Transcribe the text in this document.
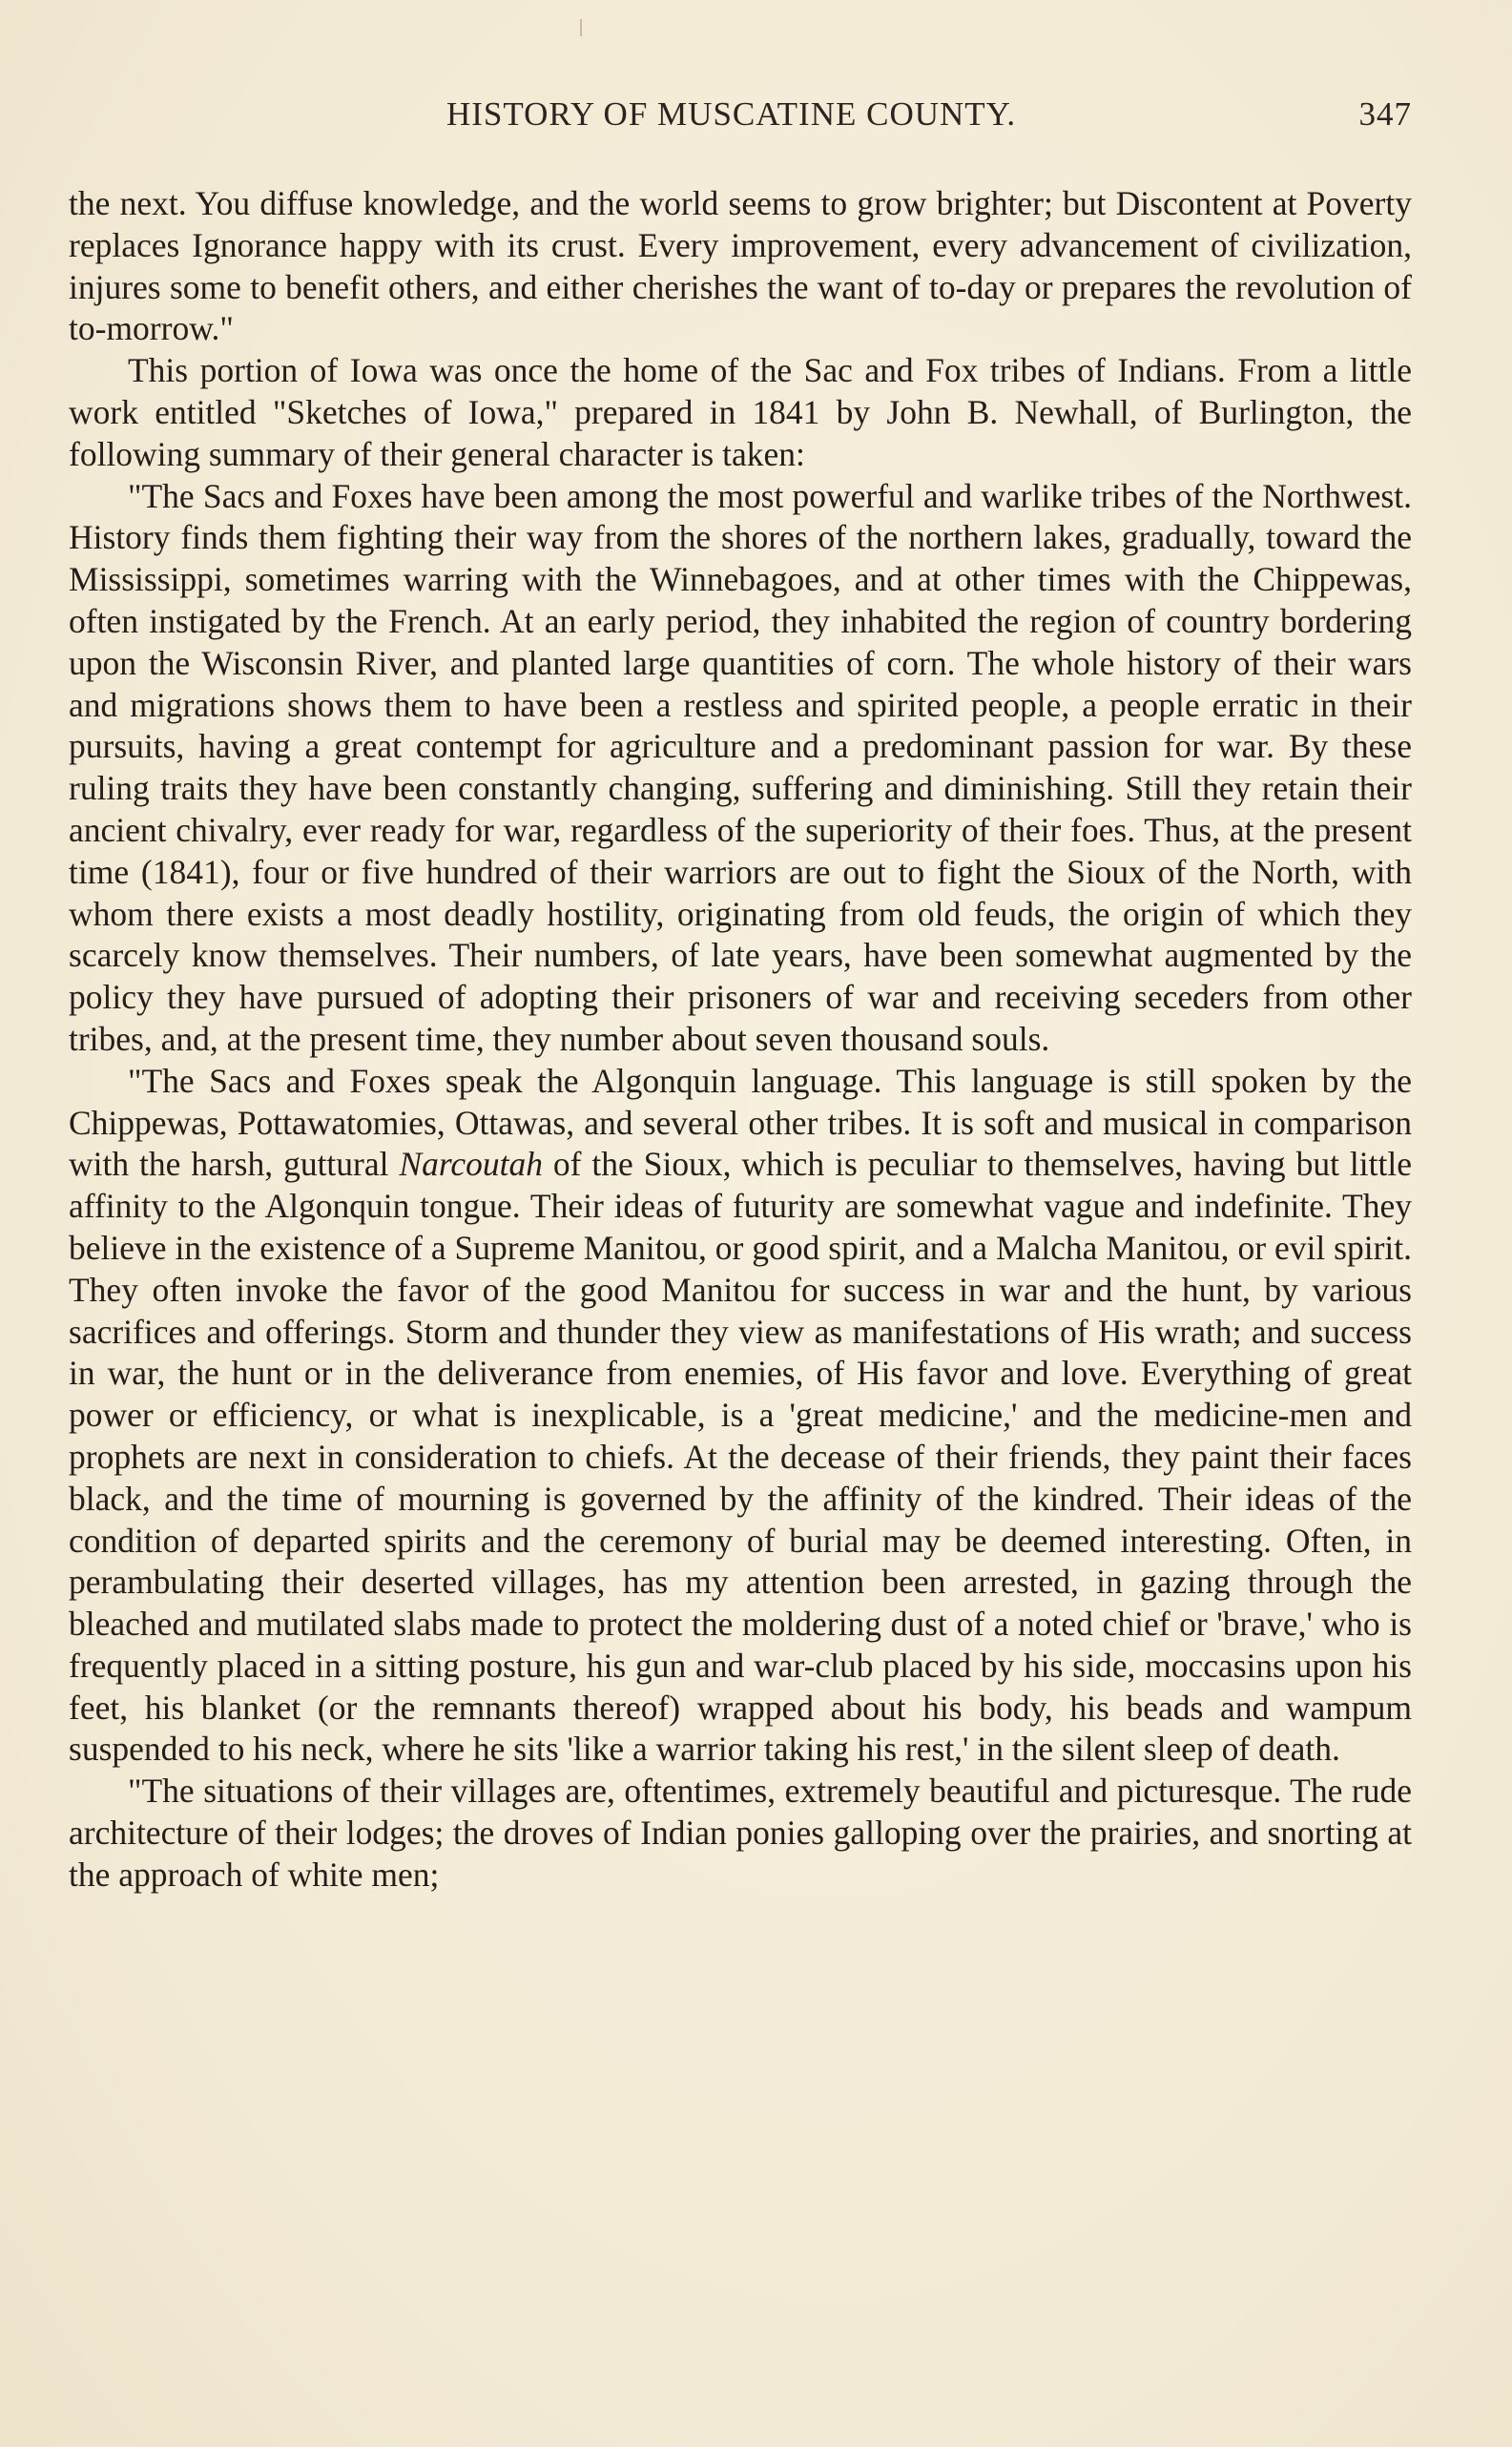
HISTORY OF MUSCATINE COUNTY.	347

the next. You diffuse knowledge, and the world seems to grow brighter; but Discontent at Poverty replaces Ignorance happy with its crust. Every improvement, every advancement of civilization, injures some to benefit others, and either cherishes the want of to-day or prepares the revolution of to-morrow."

This portion of Iowa was once the home of the Sac and Fox tribes of Indians. From a little work entitled "Sketches of Iowa," prepared in 1841 by John B. Newhall, of Burlington, the following summary of their general character is taken:

"The Sacs and Foxes have been among the most powerful and warlike tribes of the Northwest. History finds them fighting their way from the shores of the northern lakes, gradually, toward the Mississippi, sometimes warring with the Winnebagoes, and at other times with the Chippewas, often instigated by the French. At an early period, they inhabited the region of country bordering upon the Wisconsin River, and planted large quantities of corn. The whole history of their wars and migrations shows them to have been a restless and spirited people, a people erratic in their pursuits, having a great contempt for agriculture and a predominant passion for war. By these ruling traits they have been constantly changing, suffering and diminishing. Still they retain their ancient chivalry, ever ready for war, regardless of the superiority of their foes. Thus, at the present time (1841), four or five hundred of their warriors are out to fight the Sioux of the North, with whom there exists a most deadly hostility, originating from old feuds, the origin of which they scarcely know themselves. Their numbers, of late years, have been somewhat augmented by the policy they have pursued of adopting their prisoners of war and receiving seceders from other tribes, and, at the present time, they number about seven thousand souls.

"The Sacs and Foxes speak the Algonquin language. This language is still spoken by the Chippewas, Pottawatomies, Ottawas, and several other tribes. It is soft and musical in comparison with the harsh, guttural Narcoutah of the Sioux, which is peculiar to themselves, having but little affinity to the Algonquin tongue. Their ideas of futurity are somewhat vague and indefinite. They believe in the existence of a Supreme Manitou, or good spirit, and a Malcha Manitou, or evil spirit. They often invoke the favor of the good Manitou for success in war and the hunt, by various sacrifices and offerings. Storm and thunder they view as manifestations of His wrath; and success in war, the hunt or in the deliverance from enemies, of His favor and love. Everything of great power or efficiency, or what is inexplicable, is a 'great medicine,' and the medicine-men and prophets are next in consideration to chiefs. At the decease of their friends, they paint their faces black, and the time of mourning is governed by the affinity of the kindred. Their ideas of the condition of departed spirits and the ceremony of burial may be deemed interesting. Often, in perambulating their deserted villages, has my attention been arrested, in gazing through the bleached and mutilated slabs made to protect the moldering dust of a noted chief or 'brave,' who is frequently placed in a sitting posture, his gun and war-club placed by his side, moccasins upon his feet, his blanket (or the remnants thereof) wrapped about his body, his beads and wampum suspended to his neck, where he sits 'like a warrior taking his rest,' in the silent sleep of death.

"The situations of their villages are, oftentimes, extremely beautiful and picturesque. The rude architecture of their lodges; the droves of Indian ponies galloping over the prairies, and snorting at the approach of white men;
